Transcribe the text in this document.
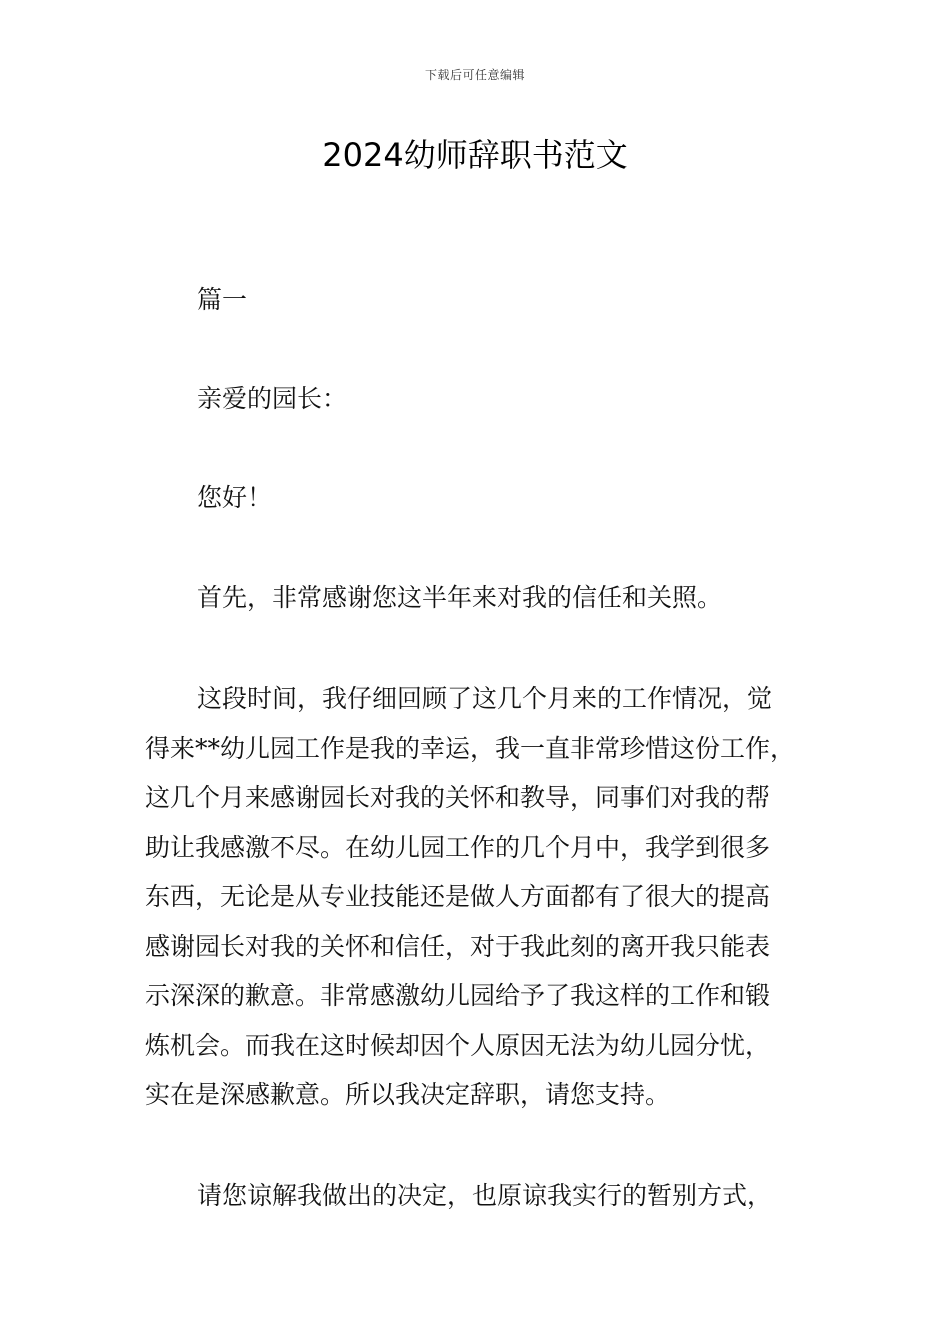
下载后可任意编辑
2024幼师辞职书范文

篇一

亲爱的园长：

您好！

首先，非常感谢您这半年来对我的信任和关照。

这段时间，我仔细回顾了这几个月来的工作情况，觉
得来**幼儿园工作是我的幸运，我一直非常珍惜这份工作，
这几个月来感谢园长对我的关怀和教导，同事们对我的帮
助让我感激不尽。在幼儿园工作的几个月中，我学到很多
东西，无论是从专业技能还是做人方面都有了很大的提高
感谢园长对我的关怀和信任，对于我此刻的离开我只能表
示深深的歉意。非常感激幼儿园给予了我这样的工作和锻
炼机会。而我在这时候却因个人原因无法为幼儿园分忧，
实在是深感歉意。所以我决定辞职，请您支持。

请您谅解我做出的决定，也原谅我实行的暂别方式，
